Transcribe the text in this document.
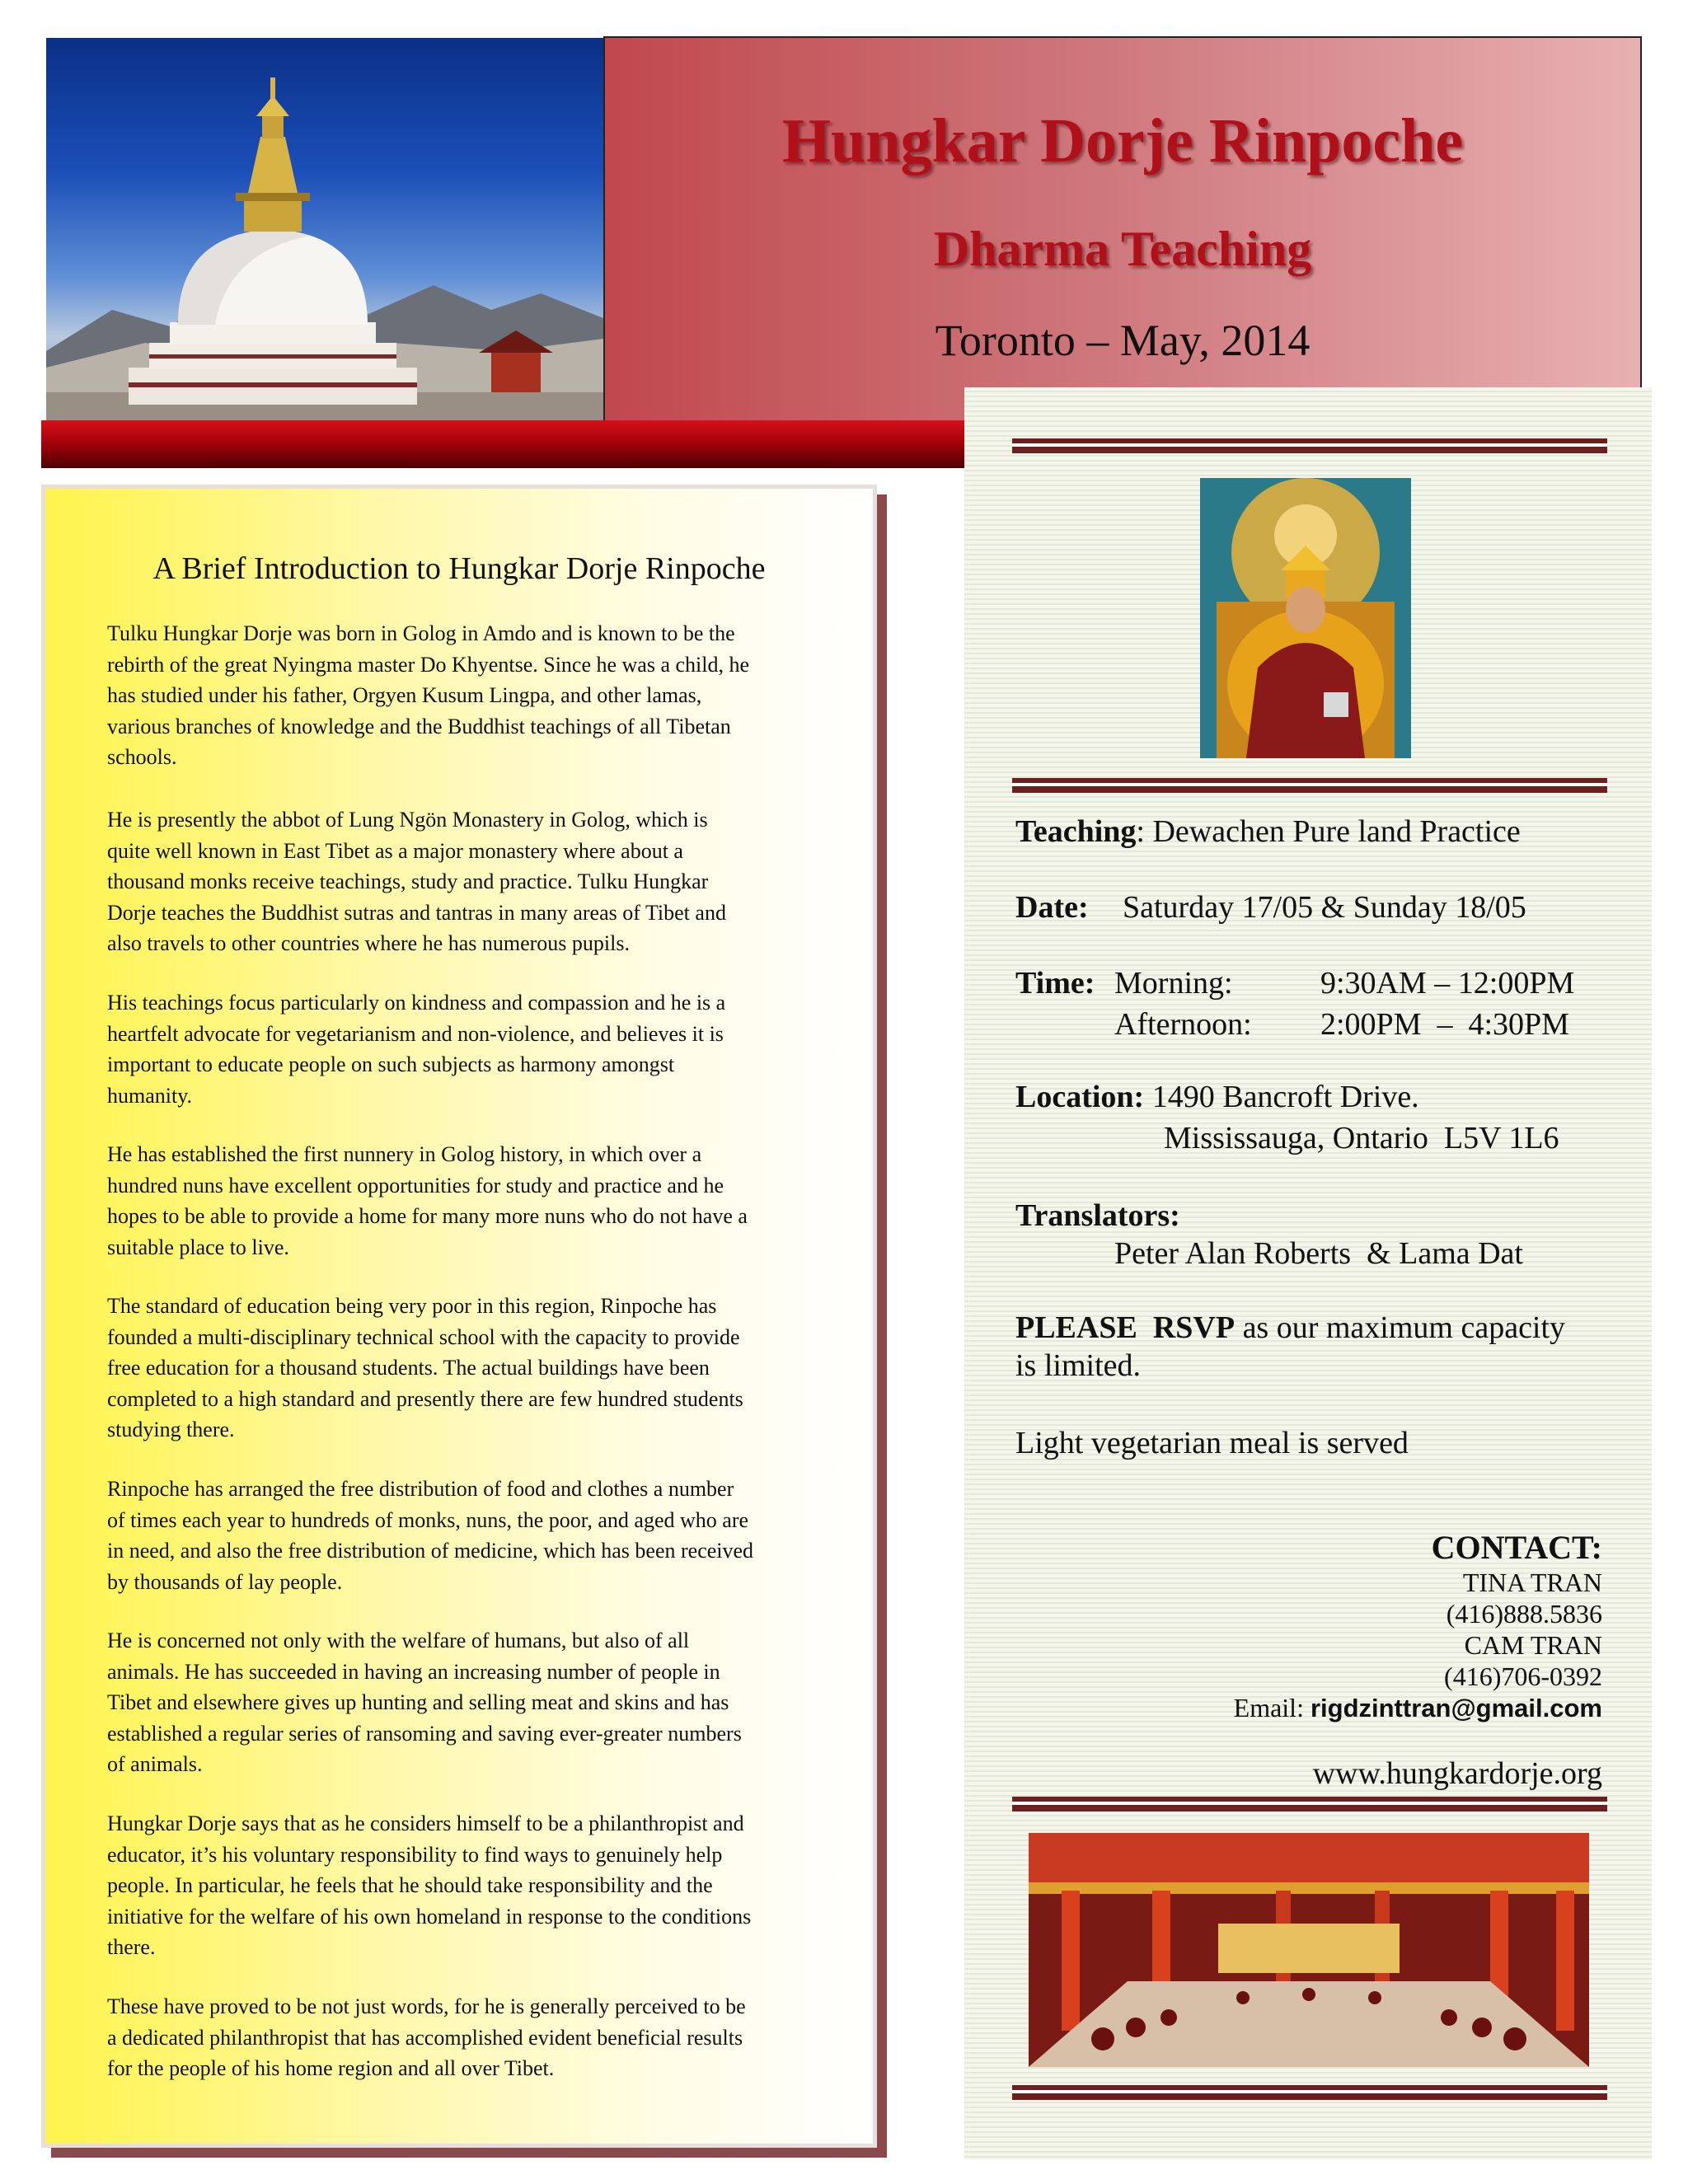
Hungkar Dorje Rinpoche
Dharma Teaching

Toronto – May, 2014

A Brief Introduction to Hungkar Dorje Rinpoche

Tulku Hungkar Dorje was born in Golog in Amdo and is known to be the
rebirth of the great Nyingma master Do Khyentse. Since he was a child, he
has studied under his father, Orgyen Kusum Lingpa, and other lamas,
various branches of knowledge and the Buddhist teachings of all Tibetan
schools.

He is presently the abbot of Lung Ngön Monastery in Golog, which is
quite well known in East Tibet as a major monastery where about a
thousand monks receive teachings, study and practice. Tulku Hungkar
Dorje teaches the Buddhist sutras and tantras in many areas of Tibet and
also travels to other countries where he has numerous pupils.

His teachings focus particularly on kindness and compassion and he is a
heartfelt advocate for vegetarianism and non-violence, and believes it is
important to educate people on such subjects as harmony amongst
humanity.

He has established the first nunnery in Golog history, in which over a
hundred nuns have excellent opportunities for study and practice and he
hopes to be able to provide a home for many more nuns who do not have a
suitable place to live.

The standard of education being very poor in this region, Rinpoche has
founded a multi-disciplinary technical school with the capacity to provide
free education for a thousand students. The actual buildings have been
completed to a high standard and presently there are few hundred students
studying there.

Rinpoche has arranged the free distribution of food and clothes a number
of times each year to hundreds of monks, nuns, the poor, and aged who are
in need, and also the free distribution of medicine, which has been received
by thousands of lay people.

He is concerned not only with the welfare of humans, but also of all
animals. He has succeeded in having an increasing number of people in
Tibet and elsewhere gives up hunting and selling meat and skins and has
established a regular series of ransoming and saving ever-greater numbers
of animals.

Hungkar Dorje says that as he considers himself to be a philanthropist and
educator, it’s his voluntary responsibility to find ways to genuinely help
people. In particular, he feels that he should take responsibility and the
initiative for the welfare of his own homeland in response to the conditions
there.

These have proved to be not just words, for he is generally perceived to be
a dedicated philanthropist that has accomplished evident beneficial results
for the people of his home region and all over Tibet.

Teaching: Dewachen Pure land Practice

Date: Saturday 17/05 & Sunday 18/05

Time: Morning:	9:30AM – 12:00PM

Afternoon: 2:00PM  –  4:30PM

Location: 1490 Bancroft Drive.

Mississauga, Ontario  L5V 1L6

Translators:

Peter Alan Roberts  & Lama Dat

PLEASE  RSVP as our maximum capacity
is limited.

Light vegetarian meal is served

CONTACT:

TINA TRAN

(416)888.5836

CAM TRAN

(416)706-0392

Email: rigdzinttran@gmail.com

www.hungkardorje.org
